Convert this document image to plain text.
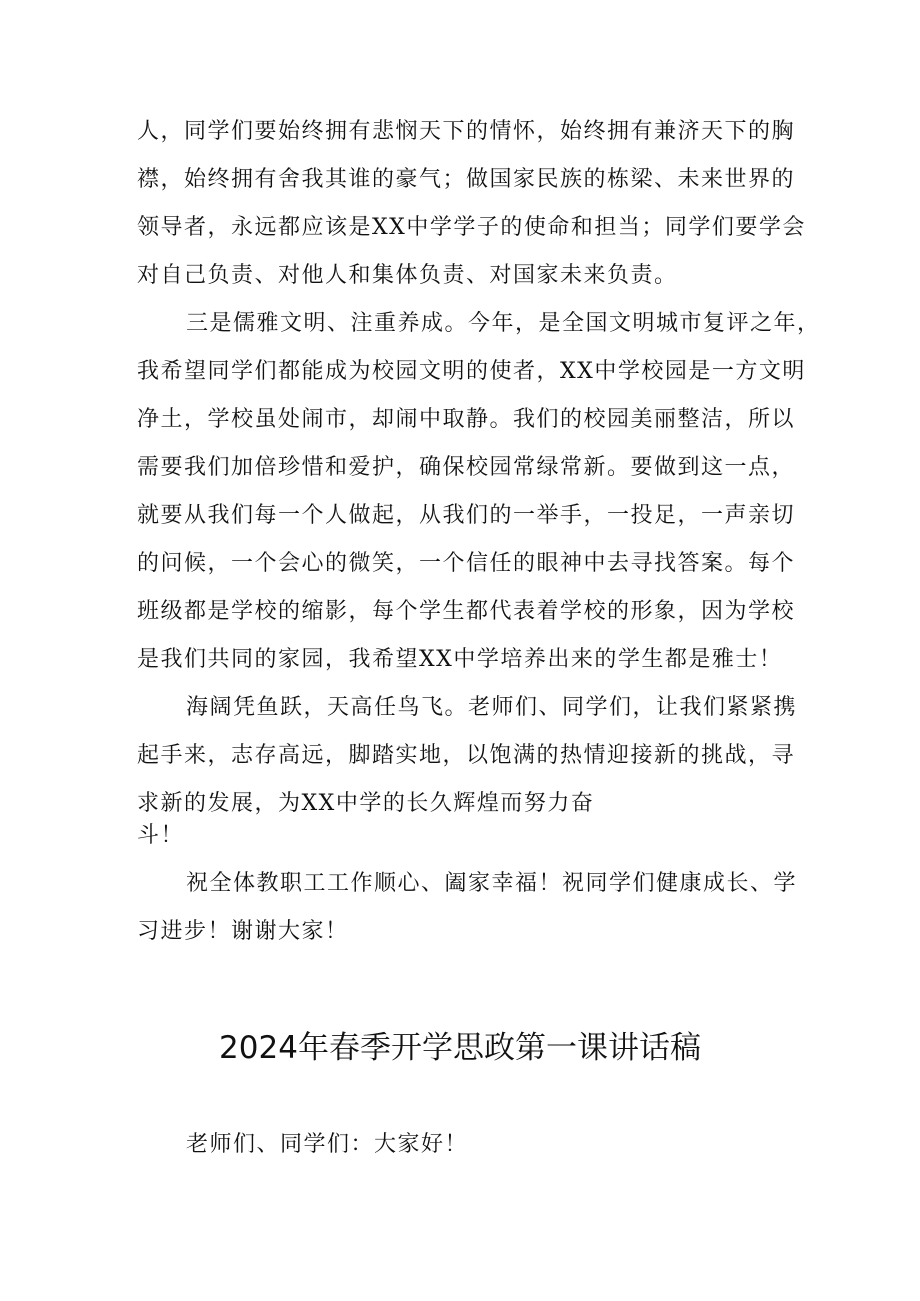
人，同学们要始终拥有悲悯天下的情怀，始终拥有兼济天下的胸
襟，始终拥有舍我其谁的豪气；做国家民族的栋梁、未来世界的
领导者，永远都应该是XX中学学子的使命和担当；同学们要学会
对自己负责、对他人和集体负责、对国家未来负责。
三是儒雅文明、注重养成。今年，是全国文明城市复评之年，
我希望同学们都能成为校园文明的使者，XX中学校园是一方文明
净土，学校虽处闹市，却闹中取静。我们的校园美丽整洁，所以
需要我们加倍珍惜和爱护，确保校园常绿常新。要做到这一点，
就要从我们每一个人做起，从我们的一举手，一投足，一声亲切
的问候，一个会心的微笑，一个信任的眼神中去寻找答案。每个
班级都是学校的缩影，每个学生都代表着学校的形象，因为学校
是我们共同的家园，我希望XX中学培养出来的学生都是雅士！
海阔凭鱼跃，天高任鸟飞。老师们、同学们，让我们紧紧携
起手来，志存高远，脚踏实地，以饱满的热情迎接新的挑战，寻
求新的发展，为XX中学的长久辉煌而努力奋
斗！
祝全体教职工工作顺心、阖家幸福！祝同学们健康成长、学
习进步！谢谢大家！
2024年春季开学思政第一课讲话稿
老师们、同学们：大家好！
